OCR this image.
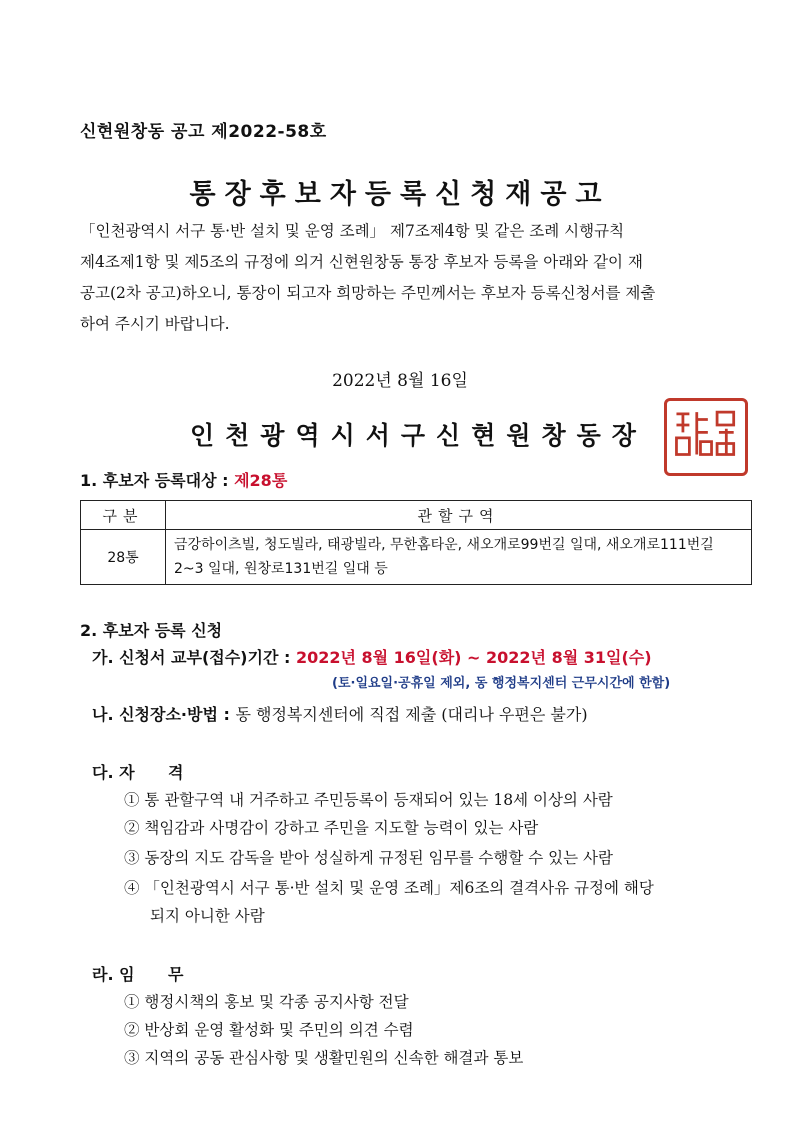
신현원창동 공고 제2022-58호
통장후보자등록신청재공고
「인천광역시 서구 통·반 설치 및 운영 조례」 제7조제4항 및 같은 조례 시행규칙
제4조제1항 및 제5조의 규정에 의거 신현원창동 통장 후보자 등록을 아래와 같이 재
공고(2차 공고)하오니, 통장이 되고자 희망하는 주민께서는 후보자 등록신청서를 제출
하여 주시기 바랍니다.
2022년 8월 16일
인천광역시서구신현원창동장
1. 후보자 등록대상 : 제28통
구분	관할구역
28통	금강하이츠빌, 청도빌라, 태광빌라, 무한홈타운, 새오개로99번길 일대, 새오개로111번길
2~3 일대, 원창로131번길 일대 등
2. 후보자 등록 신청
가. 신청서 교부(접수)기간 : 2022년 8월 16일(화) ~ 2022년 8월 31일(수)
(토·일요일·공휴일 제외, 동 행정복지센터 근무시간에 한함)
나. 신청장소·방법 : 동 행정복지센터에 직접 제출 (대리나 우편은 불가)
다. 자      격
① 통 관할구역 내 거주하고 주민등록이 등재되어 있는 18세 이상의 사람
② 책임감과 사명감이 강하고 주민을 지도할 능력이 있는 사람
③ 동장의 지도 감독을 받아 성실하게 규정된 임무를 수행할 수 있는 사람
④ 「인천광역시 서구 통·반 설치 및 운영 조례」제6조의 결격사유 규정에 해당
되지 아니한 사람
라. 임      무
① 행정시책의 홍보 및 각종 공지사항 전달
② 반상회 운영 활성화 및 주민의 의견 수렴
③ 지역의 공동 관심사항 및 생활민원의 신속한 해결과 통보
